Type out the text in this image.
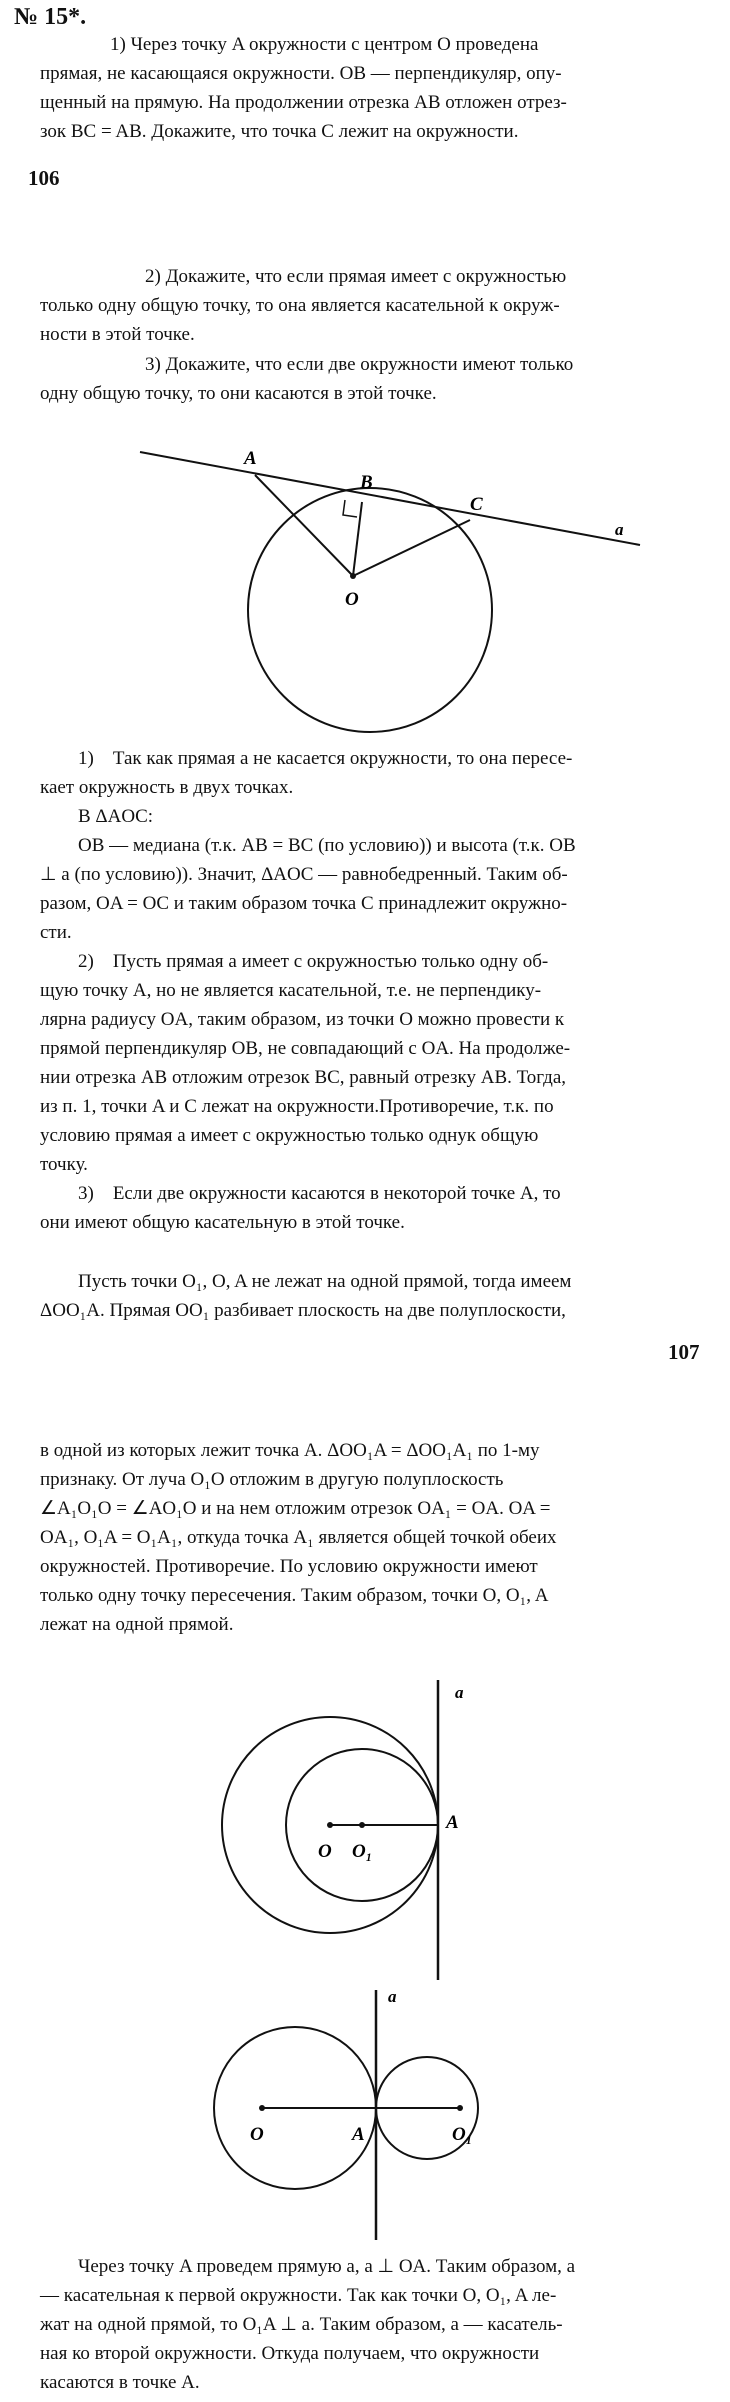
№ 15*.
1) Через точку A окружности с центром O проведена
прямая, не касающаяся окружности. OB — перпендикуляр, опу-
щенный на прямую. На продолжении отрезка AB отложен отрез-
зок BC = AB. Докажите, что точка C лежит на окружности.
106
2) Докажите, что если прямая имеет с окружностью
только одну общую точку, то она является касательной к окруж-
ности в этой точке.
3) Докажите, что если две окружности имеют только
одну общую точку, то они касаются в этой точке.
A
B
C
O
a
1)    Так как прямая a не касается окружности, то она пересе-
кает окружность в двух точках.
В ΔAOC:
OB — медиана (т.к. AB = BC (по условию)) и высота (т.к. OB
⊥ a (по условию)). Значит, ΔAOC — равнобедренный. Таким об-
разом, OA = OC и таким образом точка C принадлежит окружно-
сти.
2)    Пусть прямая a имеет с окружностью только одну об-
щую точку A, но не является касательной, т.е. не перпендику-
лярна радиусу OA, таким образом, из точки O можно провести к
прямой перпендикуляр OB, не совпадающий с OA. На продолже-
нии отрезка AB отложим отрезок BC, равный отрезку AB. Тогда,
из п. 1, точки A и C лежат на окружности.Противоречие, т.к. по
условию прямая a имеет с окружностью только однук общую
точку.
3)    Если две окружности касаются в некоторой точке A, то
они имеют общую касательную в этой точке.
Пусть точки O₁, O, A не лежат на одной прямой, тогда имеем
ΔOO₁A. Прямая OO₁ разбивает плоскость на две полуплоскости,
107
в одной из которых лежит точка A. ΔOO₁A = ΔOO₁A₁ по 1-му
признаку. От луча O₁O отложим в другую полуплоскость
∠A₁O₁O = ∠AO₁O и на нем отложим отрезок OA₁ = OA. OA =
OA₁, O₁A = O₁A₁, откуда точка A₁ является общей точкой обеих
окружностей. Противоречие. По условию окружности имеют
только одну точку пересечения. Таким образом, точки O, O₁, A
лежат на одной прямой.
a
A
O O₁
a
A
O	O₁
Через точку A проведем прямую a, a ⊥ OA. Таким образом, a
— касательная к первой окружности. Так как точки O, O₁, A ле-
жат на одной прямой, то O₁A ⊥ a. Таким образом, a — касатель-
ная ко второй окружности. Откуда получаем, что окружности
касаются в точке A.
